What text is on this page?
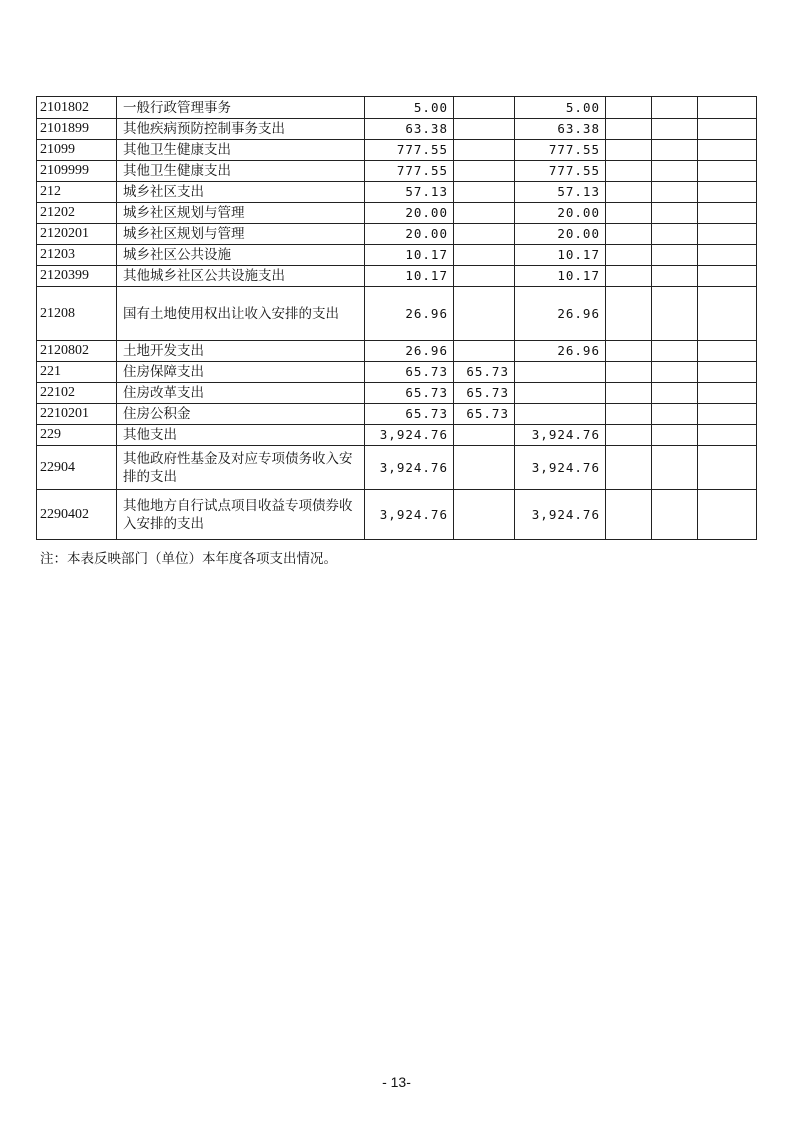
2101802	一般行政管理事务	5.00		5.00			
2101899	其他疾病预防控制事务支出	63.38		63.38			
21099	其他卫生健康支出	777.55		777.55			
2109999	其他卫生健康支出	777.55		777.55			
212	城乡社区支出	57.13		57.13			
21202	城乡社区规划与管理	20.00		20.00			
2120201	城乡社区规划与管理	20.00		20.00			
21203	城乡社区公共设施	10.17		10.17			
2120399	其他城乡社区公共设施支出	10.17		10.17			
21208	国有土地使用权出让收入安排的支出	26.96		26.96			
2120802	土地开发支出	26.96		26.96			
221	住房保障支出	65.73	65.73				
22102	住房改革支出	65.73	65.73				
2210201	住房公积金	65.73	65.73				
229	其他支出	3,924.76		3,924.76			
22904	其他政府性基金及对应专项债务收入安排的支出	3,924.76		3,924.76			
2290402	其他地方自行试点项目收益专项债券收入安排的支出	3,924.76		3,924.76			
注：本表反映部门（单位）本年度各项支出情况。
- 13-
